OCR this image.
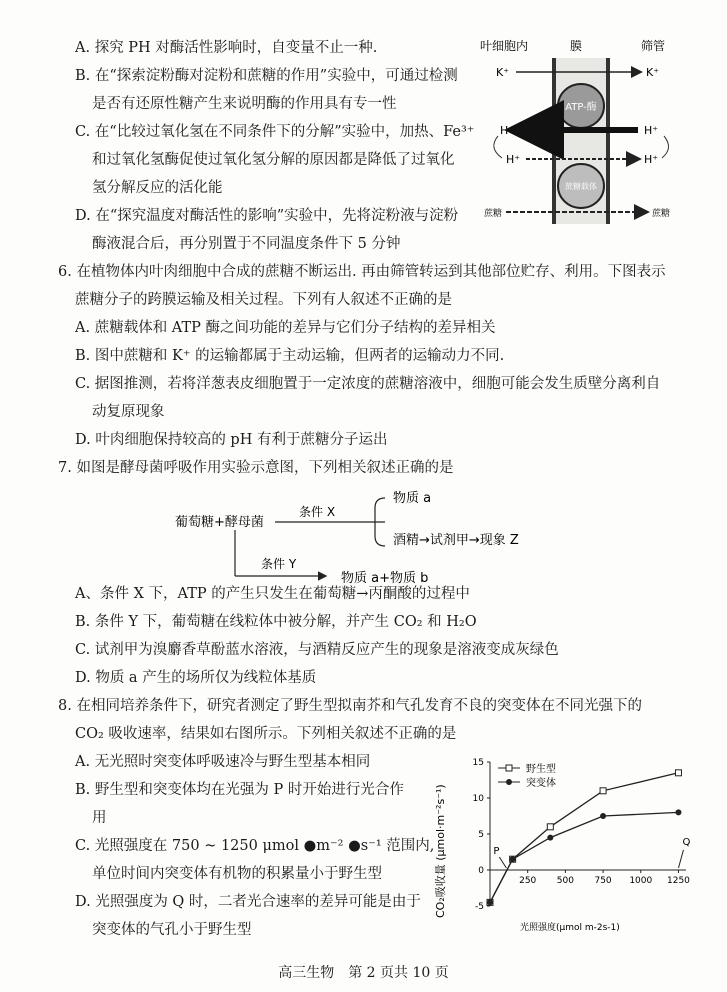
A. 探究 PH 对酶活性影响时，自变量不止一种.
B. 在“探索淀粉酶对淀粉和蔗糖的作用”实验中，可通过检测
是否有还原性糖产生来说明酶的作用具有专一性
C. 在“比较过氧化氢在不同条件下的分解”实验中，加热、Fe³⁺
和过氧化氢酶促使过氧化氢分解的原因都是降低了过氧化
氢分解反应的活化能
D. 在“探究温度对酶活性的影响”实验中，先将淀粉液与淀粉
酶液混合后，再分别置于不同温度条件下 5 分钟
叶细胞内	膜	筛管
K⁺	K⁺
ATP-酶
H⁺	H⁺
H⁺	H⁺
蔗糖载体
蔗糖	蔗糖
6. 在植物体内叶肉细胞中合成的蔗糖不断运出. 再由筛管转运到其他部位贮存、利用。下图表示
蔗糖分子的跨膜运输及相关过程。下列有人叙述不正确的是
A. 蔗糖载体和 ATP 酶之间功能的差异与它们分子结构的差异相关
B. 图中蔗糖和 K⁺ 的运输都属于主动运输，但两者的运输动力不同.
C. 据图推测，若将洋葱表皮细胞置于一定浓度的蔗糖溶液中，细胞可能会发生质壁分离利自
动复原现象
D. 叶肉细胞保持较高的 pH 有利于蔗糖分子运出
7. 如图是酵母菌呼吸作用实验示意图，下列相关叙述正确的是
葡萄糖+酵母菌
条件 X
物质 a
酒精→试剂甲→现象 Z
条件 Y
物质 a+物质 b
A、条件 X 下，ATP 的产生只发生在葡萄糖→丙酮酸的过程中
B. 条件 Y 下，葡萄糖在线粒体中被分解，并产生 CO₂ 和 H₂O
C. 试剂甲为溴麝香草酚蓝水溶液，与酒精反应产生的现象是溶液变成灰绿色
D. 物质 a 产生的场所仅为线粒体基质
8. 在相同培养条件下，研究者测定了野生型拟南芥和气孔发育不良的突变体在不同光强下的
CO₂ 吸收速率，结果如右图所示。下列相关叙述不正确的是
A. 无光照时突变体呼吸速冷与野生型基本相同
B. 野生型和突变体均在光强为 P 时开始进行光合作
用
C. 光照强度在 750 ~ 1250 μmol ●m⁻² ●s⁻¹ 范围内,
单位时间内突变体有机物的积累量小于野生型
D. 光照强度为 Q 时，二者光合速率的差异可能是由于
突变体的气孔小于野生型
CO₂吸收量 (μmol·m⁻²s⁻¹)
光照强度(μmol m-2s-1)
-5
0
5
10
15
250 500 750 1000 1250
野生型
突变体
P
Q
高三生物　第 2 页共 10 页
